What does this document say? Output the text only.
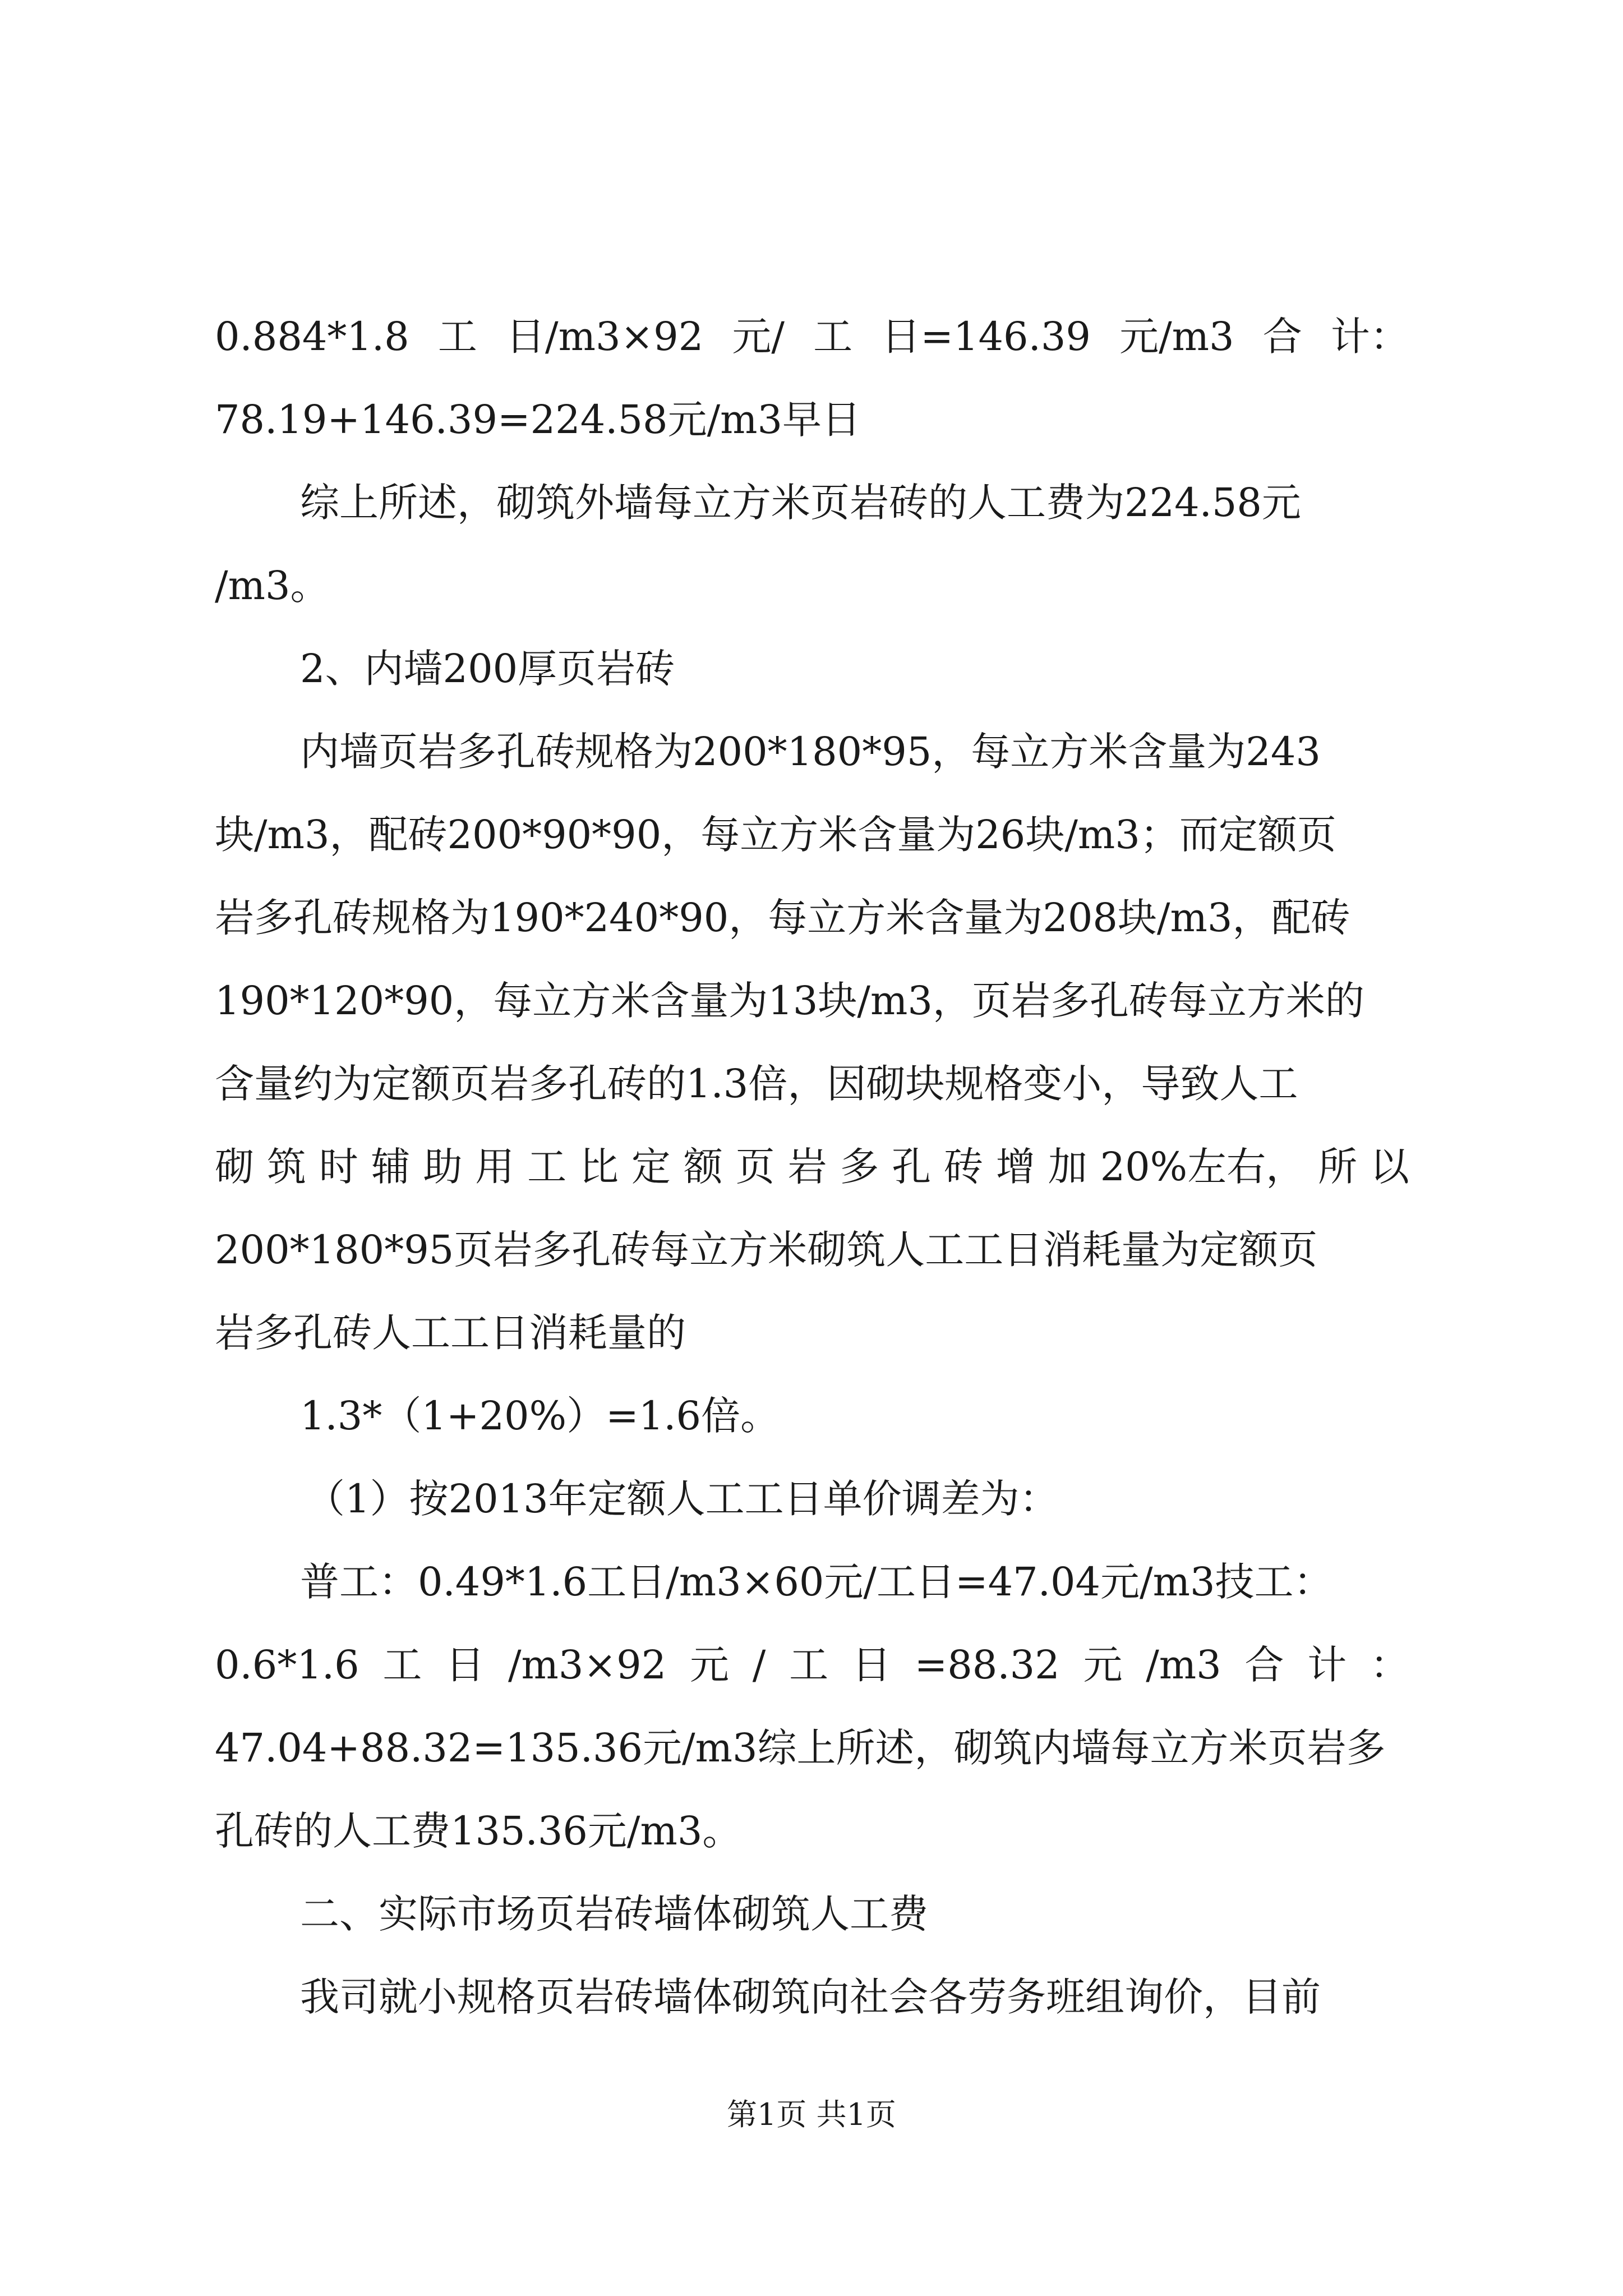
0.884*1.8 工 日/m3×92 元/ 工 日=146.39 元/m3 合 计：
78.19+146.39=224.58元/m3早日
综上所述，砌筑外墙每立方米页岩砖的人工费为224.58元
/m3。
2、内墙200厚页岩砖
内墙页岩多孔砖规格为200*180*95，每立方米含量为243
块/m3，配砖200*90*90，每立方米含量为26块/m3；而定额页
岩多孔砖规格为190*240*90，每立方米含量为208块/m3，配砖
190*120*90，每立方米含量为13块/m3，页岩多孔砖每立方米的
含量约为定额页岩多孔砖的1.3倍，因砌块规格变小，导致人工
砌 筑 时 辅 助 用 工 比 定 额 页 岩 多 孔 砖 增 加 20%左右， 所 以
200*180*95页岩多孔砖每立方米砌筑人工工日消耗量为定额页
岩多孔砖人工工日消耗量的
1.3*（1+20%）=1.6倍。
（1）按2013年定额人工工日单价调差为：
普工：0.49*1.6工日/m3×60元/工日=47.04元/m3技工：
0.6*1.6 工 日 /m3×92 元 / 工 日 =88.32 元 /m3 合 计 ：
47.04+88.32=135.36元/m3综上所述，砌筑内墙每立方米页岩多
孔砖的人工费135.36元/m3。
二、实际市场页岩砖墙体砌筑人工费
我司就小规格页岩砖墙体砌筑向社会各劳务班组询价，目前
第1页 共1页
